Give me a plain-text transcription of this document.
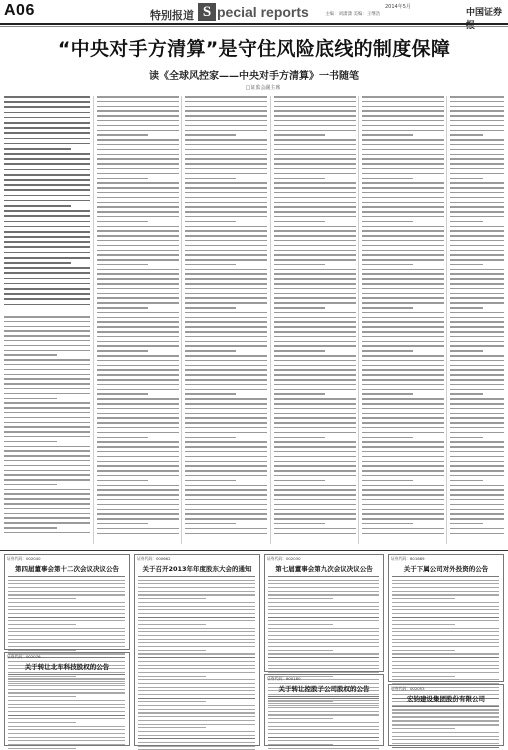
A06	特别报道 S pecial reports	2014年5月
主编：刘潇潇 美编：王继浩	中国证券
“中央对手方清算”是守住风险底线的制度保障
读《全球风控家——中央对手方清算》一书随笔
□证监会副主席
证券代码：002040
第四届董事会第十二次会议决议公告
证券代码：002076
关于转让北车科技股权的公告
证券代码：000662
关于召开2013年年度股东大会的通知
证券代码：002030
第七届董事会第九次会议决议公告
证券代码：600180
关于转让控股子公司股权的公告
证券代码：601689
关于下属公司对外投资的公告
证券代码：002053
宏钧建设集团股份有限公司
